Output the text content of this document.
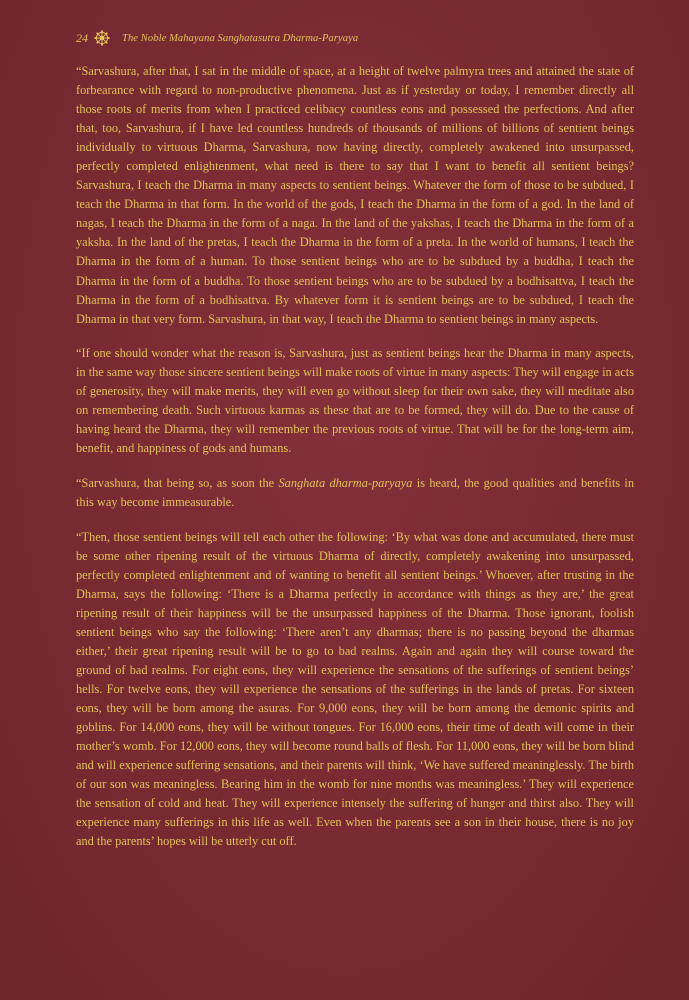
24	The Noble Mahayana Sanghatasutra Dharma-Paryaya

“Sarvashura, after that, I sat in the middle of space, at a height of twelve palmyra trees and attained the state of forbearance with regard to non-productive phenomena. Just as if yesterday or today, I remember directly all those roots of merits from when I practiced celibacy countless eons and possessed the perfections. And after that, too, Sarvashura, if I have led countless hundreds of thousands of millions of billions of sentient beings individually to virtuous Dharma, Sarvashura, now having directly, completely awakened into unsurpassed, perfectly completed enlightenment, what need is there to say that I want to benefit all sentient beings? Sarvashura, I teach the Dharma in many aspects to sentient beings. Whatever the form of those to be subdued, I teach the Dharma in that form. In the world of the gods, I teach the Dharma in the form of a god. In the land of nagas, I teach the Dharma in the form of a naga. In the land of the yakshas, I teach the Dharma in the form of a yaksha. In the land of the pretas, I teach the Dharma in the form of a preta. In the world of humans, I teach the Dharma in the form of a human. To those sentient beings who are to be subdued by a buddha, I teach the Dharma in the form of a buddha. To those sentient beings who are to be subdued by a bodhisattva, I teach the Dharma in the form of a bodhisattva. By whatever form it is sentient beings are to be subdued, I teach the Dharma in that very form. Sarvashura, in that way, I teach the Dharma to sentient beings in many aspects.

“If one should wonder what the reason is, Sarvashura, just as sentient beings hear the Dharma in many aspects, in the same way those sincere sentient beings will make roots of virtue in many aspects: They will engage in acts of generosity, they will make merits, they will even go without sleep for their own sake, they will meditate also on remembering death. Such virtuous karmas as these that are to be formed, they will do. Due to the cause of having heard the Dharma, they will remember the previous roots of virtue. That will be for the long-term aim, benefit, and happiness of gods and humans.

“Sarvashura, that being so, as soon the Sanghata dharma-paryaya is heard, the good qualities and benefits in this way become immeasurable.

“Then, those sentient beings will tell each other the following: ‘By what was done and accumulated, there must be some other ripening result of the virtuous Dharma of directly, completely awakening into unsurpassed, perfectly completed enlightenment and of wanting to benefit all sentient beings.’ Whoever, after trusting in the Dharma, says the following: ‘There is a Dharma perfectly in accordance with things as they are,’ the great ripening result of their happiness will be the unsurpassed happiness of the Dharma. Those ignorant, foolish sentient beings who say the following: ‘There aren’t any dharmas; there is no passing beyond the dharmas either,’ their great ripening result will be to go to bad realms. Again and again they will course toward the ground of bad realms. For eight eons, they will experience the sensations of the sufferings of sentient beings’ hells. For twelve eons, they will experience the sensations of the sufferings in the lands of pretas. For sixteen eons, they will be born among the asuras. For 9,000 eons, they will be born among the demonic spirits and goblins. For 14,000 eons, they will be without tongues. For 16,000 eons, their time of death will come in their mother’s womb. For 12,000 eons, they will become round balls of flesh. For 11,000 eons, they will be born blind and will experience suffering sensations, and their parents will think, ‘We have suffered meaninglessly. The birth of our son was meaningless. Bearing him in the womb for nine months was meaningless.’ They will experience the sensation of cold and heat. They will experience intensely the suffering of hunger and thirst also. They will experience many sufferings in this life as well. Even when the parents see a son in their house, there is no joy and the parents’ hopes will be utterly cut off.
